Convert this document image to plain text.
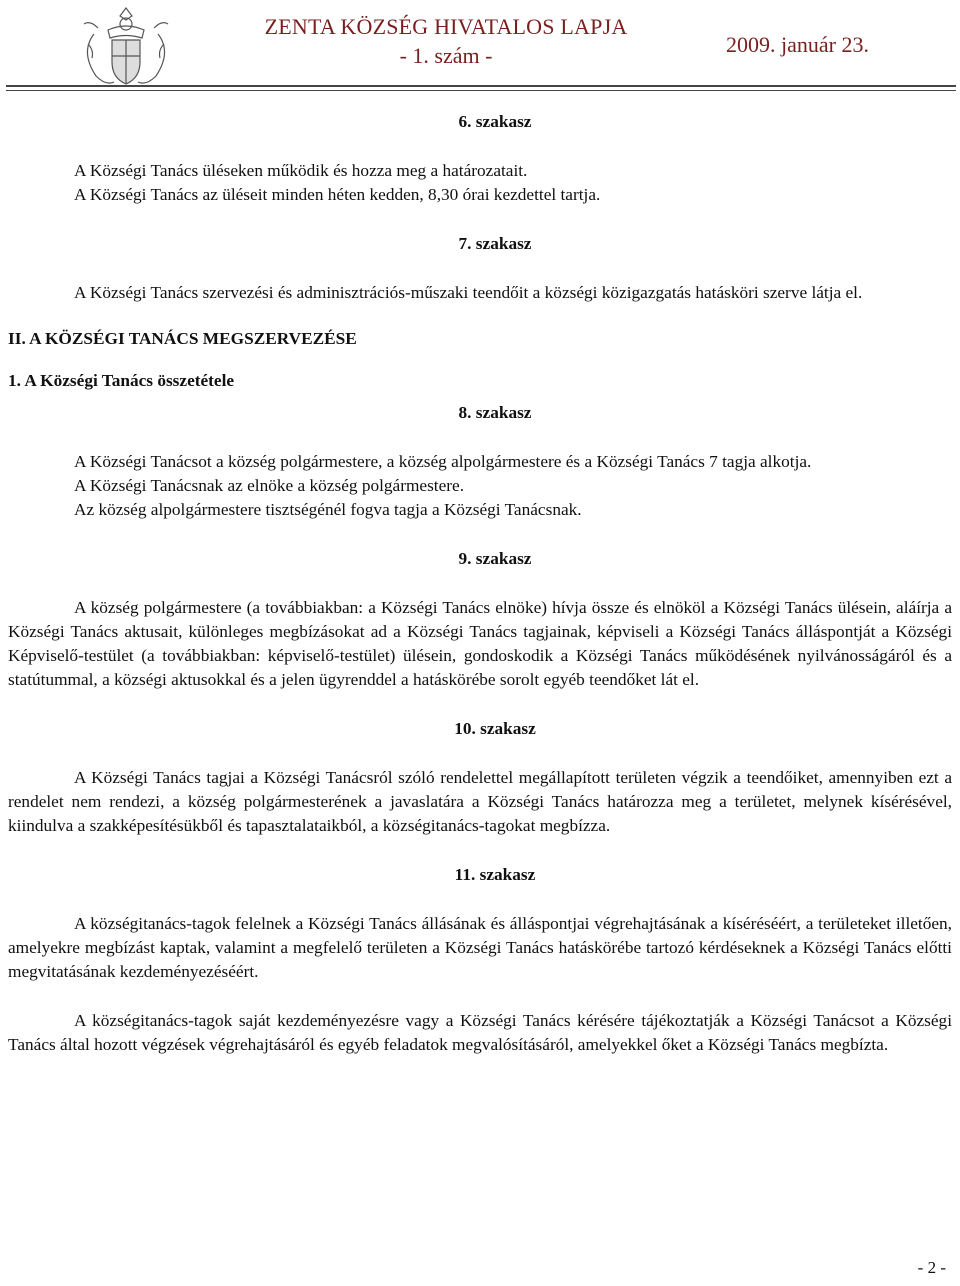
ZENTA KÖZSÉG HIVATALOS LAPJA
- 1. szám -	2009. január 23.

6. szakasz

A Községi Tanács üléseken működik és hozza meg a határozatait.

A Községi Tanács az üléseit minden héten kedden, 8,30 órai kezdettel tartja.

7. szakasz

A Községi Tanács szervezési és adminisztrációs-műszaki teendőit a községi közigazgatás hatásköri szerve látja el.

II. A KÖZSÉGI TANÁCS MEGSZERVEZÉSE

1. A Községi Tanács összetétele

8. szakasz

A Községi Tanácsot a község polgármestere, a község alpolgármestere és a Községi Tanács 7 tagja alkotja.

A Községi Tanácsnak az elnöke a község polgármestere.

Az község alpolgármestere tisztségénél fogva tagja a Községi Tanácsnak.

9. szakasz

A község polgármestere (a továbbiakban: a Községi Tanács elnöke) hívja össze és elnököl a Községi Tanács ülésein, aláírja a Községi Tanács aktusait, különleges megbízásokat ad a Községi Tanács tagjainak, képviseli a Községi Tanács álláspontját a Községi Képviselő-testület (a továbbiakban: képviselő-testület) ülésein, gondoskodik a Községi Tanács működésének nyilvánosságáról és a statútummal, a községi aktusokkal és a jelen ügyrenddel a hatáskörébe sorolt egyéb teendőket lát el.

10. szakasz

A Községi Tanács tagjai a Községi Tanácsról szóló rendelettel megállapított területen végzik a teendőiket, amennyiben ezt a rendelet nem rendezi, a község polgármesterének a javaslatára a Községi Tanács határozza meg a területet, melynek kísérésével, kiindulva a szakképesítésükből és tapasztalataikból, a községitanács-tagokat megbízza.

11. szakasz

A községitanács-tagok felelnek a Községi Tanács állásának és álláspontjai végrehajtásának a kíséréséért, a területeket illetően, amelyekre megbízást kaptak, valamint a megfelelő területen a Községi Tanács hatáskörébe tartozó kérdéseknek a Községi Tanács előtti megvitatásának kezdeményezéséért.

A községitanács-tagok saját kezdeményezésre vagy a Községi Tanács kérésére tájékoztatják a Községi Tanácsot a Községi Tanács által hozott végzések végrehajtásáról és egyéb feladatok megvalósításáról, amelyekkel őket a Községi Tanács megbízta.

- 2 -
